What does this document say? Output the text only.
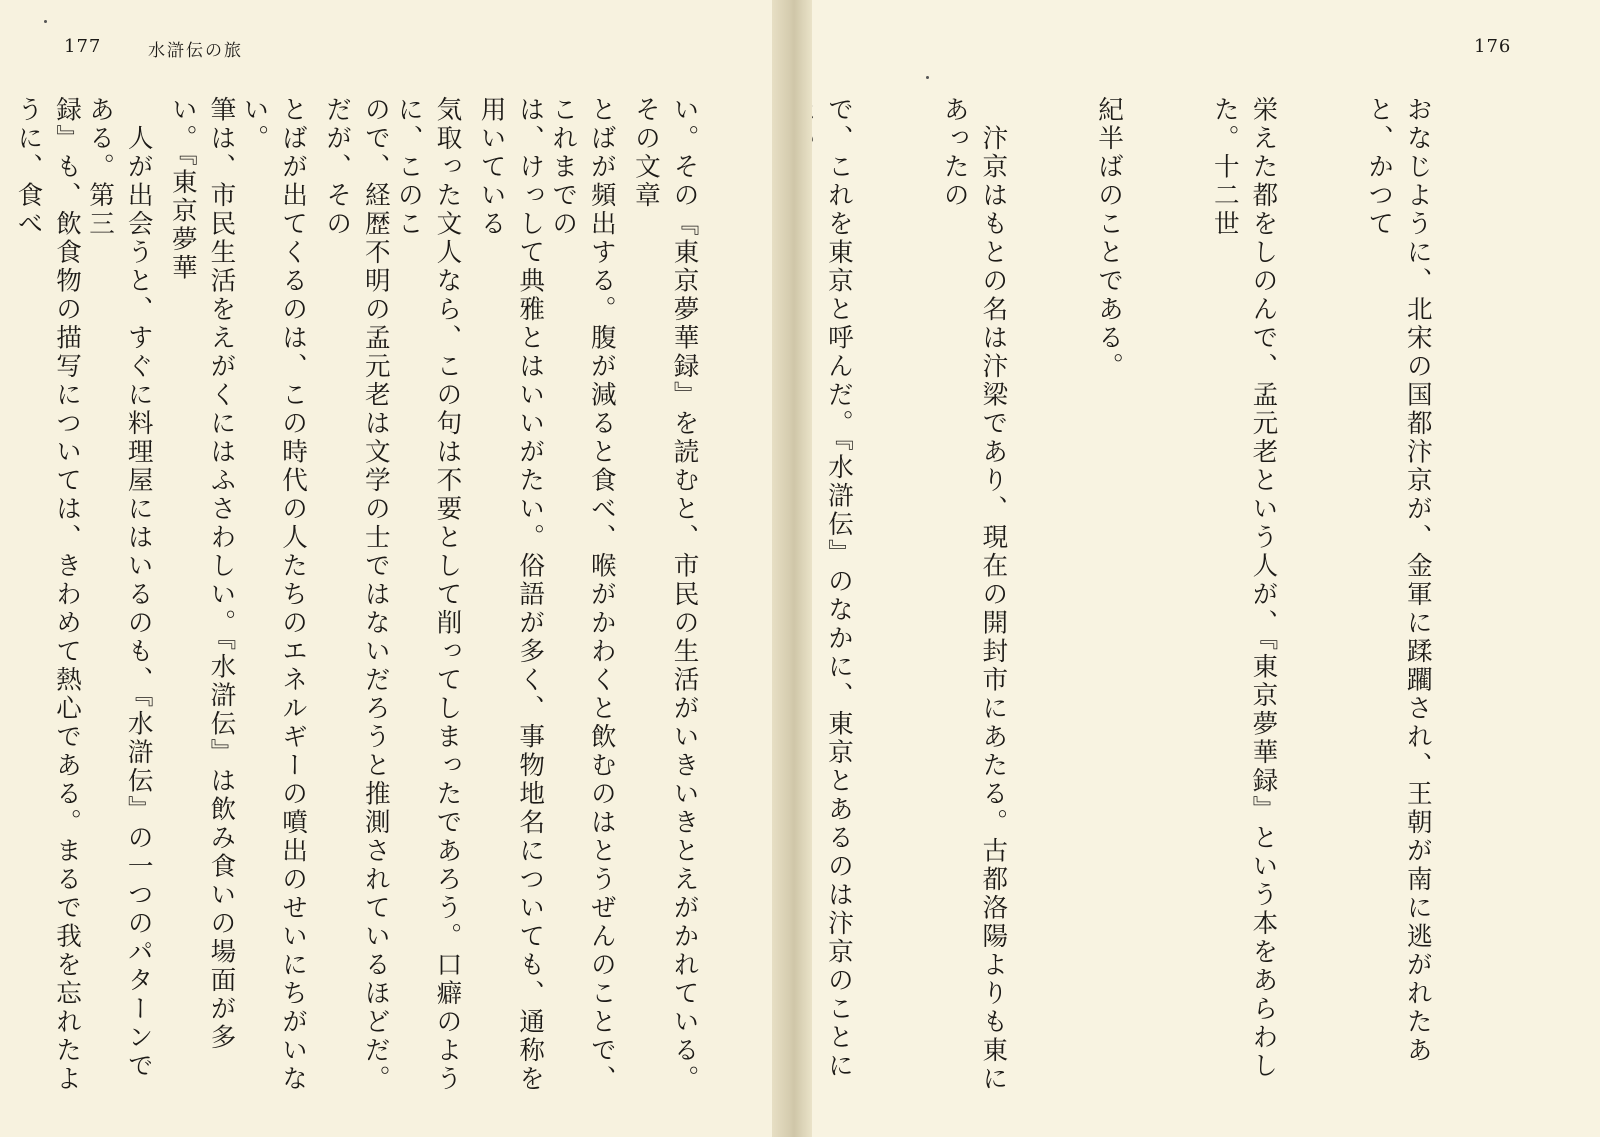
177	水滸伝の旅

とばが頻出する。腹が減ると食べ、喉がかわくと飲むのはとうぜんのことで、これまでの

気取った文人なら、この句は不要として削ってしまったであろう。口癖のように、このこ

とばが出てくるのは、この時代の人たちのエネルギーの噴出のせいにちがいない。

　人が出会うと、すぐに料理屋にはいるのも、『水滸伝』の一つのパターンである。第三

176

おなじように、北宋の国都汴京が、金軍に蹂躙され、王朝が南に逃がれたあと、かつて

栄えた都をしのんで、孟元老という人が、『東京夢華録』という本をあらわした。十二世

紀半ばのことである。

　汴京はもとの名は汴梁であり、現在の開封市にあたる。古都洛陽よりも東にあったの

で、これを東京と呼んだ。『水滸伝』のなかに、東京とあるのは汴京のことに

い。その『東京夢華録』を読むと、市民の生活がいきいきとえがかれている。その文章

は、けっして典雅とはいいがたい。俗語が多く、事物地名についても、通称を用いている

ので、経歴不明の孟元老は文学の士ではないだろうと推測されているほどだ。だが、その

筆は、市民生活をえがくにはふさわしい。『水滸伝』は飲み食いの場面が多い。『東京夢華

録』も、飲食物の描写については、きわめて熱心である。まるで我を忘れたように、食べ
